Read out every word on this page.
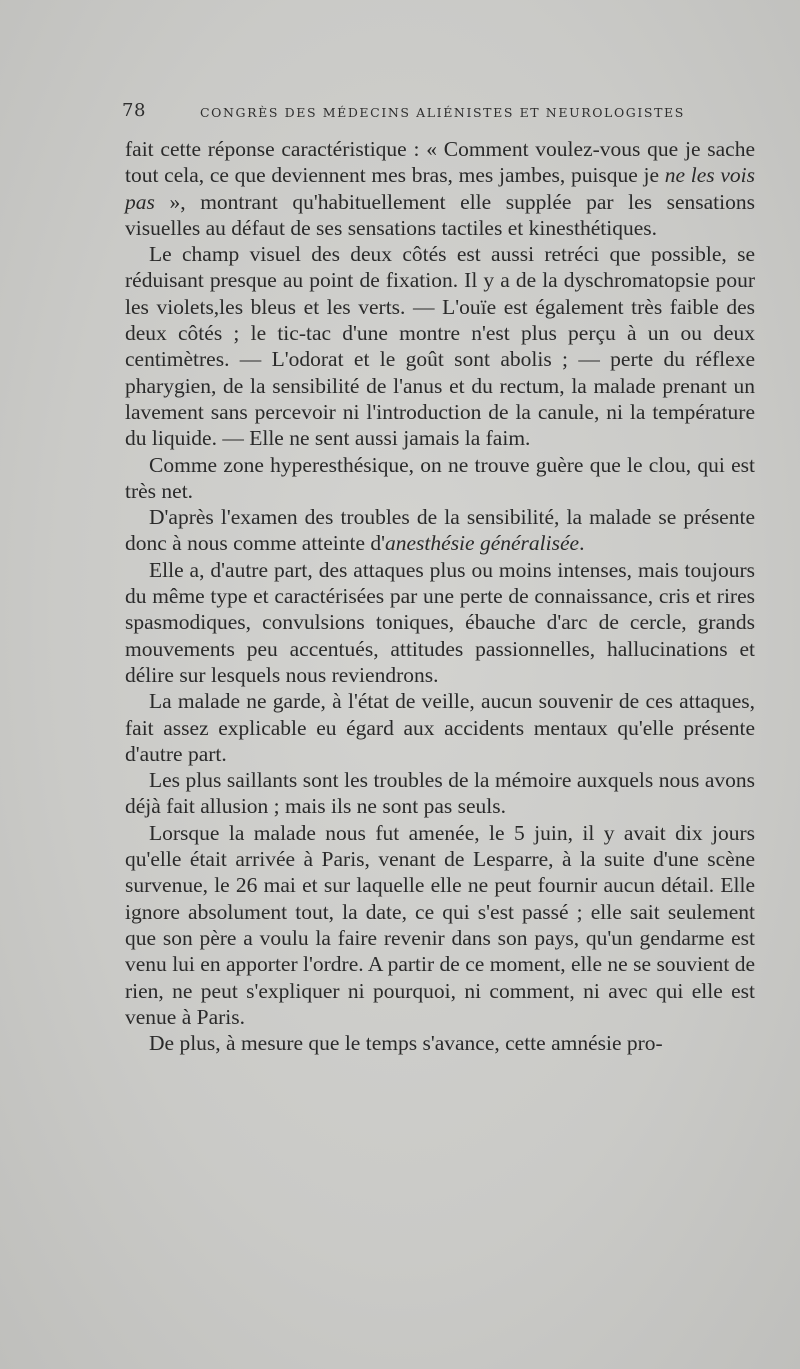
78	CONGRÈS DES MÉDECINS ALIÉNISTES ET NEUROLOGISTES

fait cette réponse caractéristique : « Comment voulez-vous que je sache tout cela, ce que deviennent mes bras, mes jambes, puisque je ne les vois pas », montrant qu'habituellement elle supplée par les sensations visuelles au défaut de ses sensations tactiles et kinesthétiques.

Le champ visuel des deux côtés est aussi retréci que possible, se réduisant presque au point de fixation. Il y a de la dyschromatopsie pour les violets,les bleus et les verts. — L'ouïe est également très faible des deux côtés ; le tic-tac d'une montre n'est plus perçu à un ou deux centimètres. — L'odorat et le goût sont abolis ; — perte du réflexe pharygien, de la sensibilité de l'anus et du rectum, la malade prenant un lavement sans percevoir ni l'introduction de la canule, ni la température du liquide. — Elle ne sent aussi jamais la faim.

Comme zone hyperesthésique, on ne trouve guère que le clou, qui est très net.

D'après l'examen des troubles de la sensibilité, la malade se présente donc à nous comme atteinte d'anesthésie généralisée.

Elle a, d'autre part, des attaques plus ou moins intenses, mais toujours du même type et caractérisées par une perte de connaissance, cris et rires spasmodiques, convulsions toniques, ébauche d'arc de cercle, grands mouvements peu accentués, attitudes passionnelles, hallucinations et délire sur lesquels nous reviendrons.

La malade ne garde, à l'état de veille, aucun souvenir de ces attaques, fait assez explicable eu égard aux accidents mentaux qu'elle présente d'autre part.

Les plus saillants sont les troubles de la mémoire auxquels nous avons déjà fait allusion ; mais ils ne sont pas seuls.

Lorsque la malade nous fut amenée, le 5 juin, il y avait dix jours qu'elle était arrivée à Paris, venant de Lesparre, à la suite d'une scène survenue, le 26 mai et sur laquelle elle ne peut fournir aucun détail. Elle ignore absolument tout, la date, ce qui s'est passé ; elle sait seulement que son père a voulu la faire revenir dans son pays, qu'un gendarme est venu lui en apporter l'ordre. A partir de ce moment, elle ne se souvient de rien, ne peut s'expliquer ni pourquoi, ni comment, ni avec qui elle est venue à Paris.

De plus, à mesure que le temps s'avance, cette amnésie pro-
